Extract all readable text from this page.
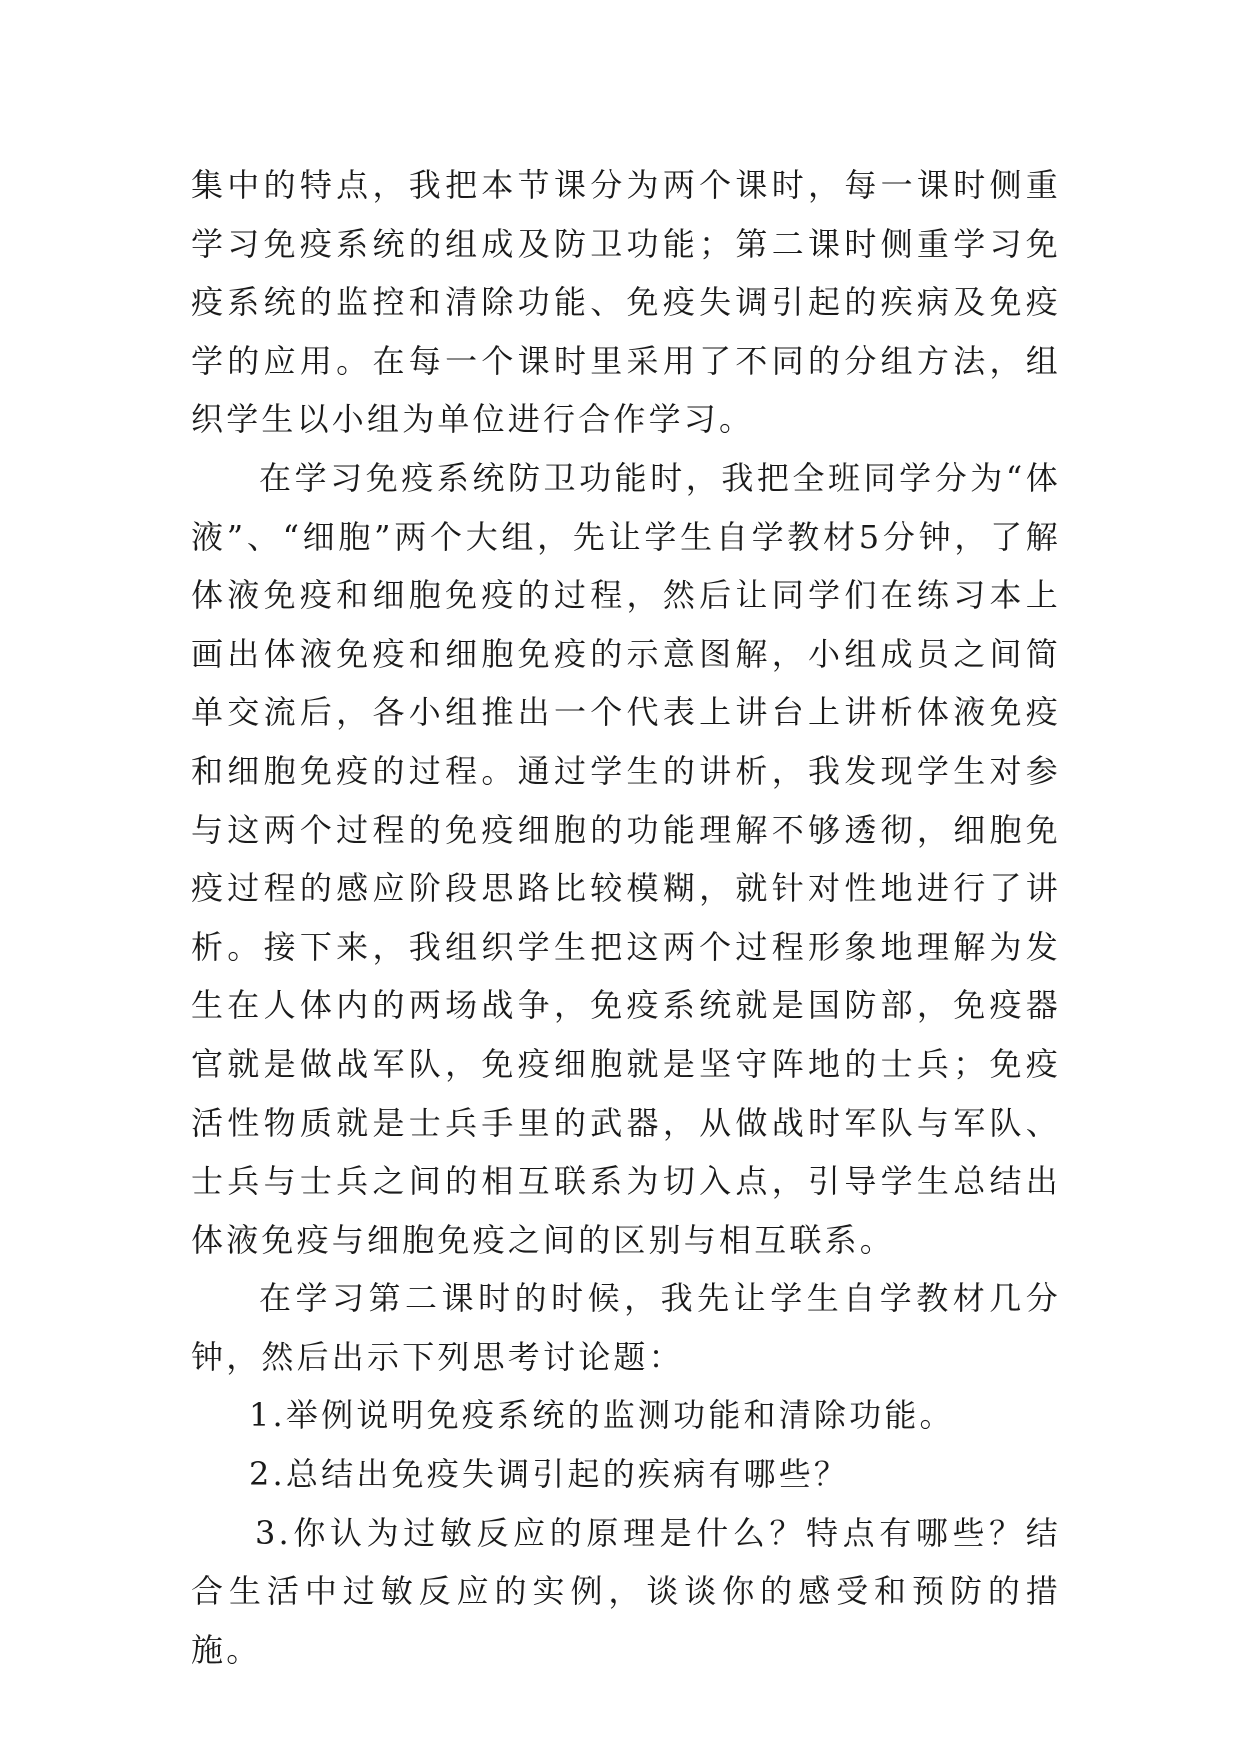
集中的特点，我把本节课分为两个课时，每一课时侧重学习免疫系统的组成及防卫功能；第二课时侧重学习免疫系统的监控和清除功能、免疫失调引起的疾病及免疫学的应用。在每一个课时里采用了不同的分组方法，组织学生以小组为单位进行合作学习。

在学习免疫系统防卫功能时，我把全班同学分为“体液”、“细胞”两个大组，先让学生自学教材5分钟，了解体液免疫和细胞免疫的过程，然后让同学们在练习本上画出体液免疫和细胞免疫的示意图解，小组成员之间简单交流后，各小组推出一个代表上讲台上讲析体液免疫和细胞免疫的过程。通过学生的讲析，我发现学生对参与这两个过程的免疫细胞的功能理解不够透彻，细胞免疫过程的感应阶段思路比较模糊，就针对性地进行了讲析。接下来，我组织学生把这两个过程形象地理解为发生在人体内的两场战争，免疫系统就是国防部，免疫器官就是做战军队，免疫细胞就是坚守阵地的士兵；免疫活性物质就是士兵手里的武器，从做战时军队与军队、士兵与士兵之间的相互联系为切入点，引导学生总结出体液免疫与细胞免疫之间的区别与相互联系。

在学习第二课时的时候，我先让学生自学教材几分钟，然后出示下列思考讨论题：

1.举例说明免疫系统的监测功能和清除功能。

2.总结出免疫失调引起的疾病有哪些？

3.你认为过敏反应的原理是什么？特点有哪些？结合生活中过敏反应的实例，谈谈你的感受和预防的措施。
